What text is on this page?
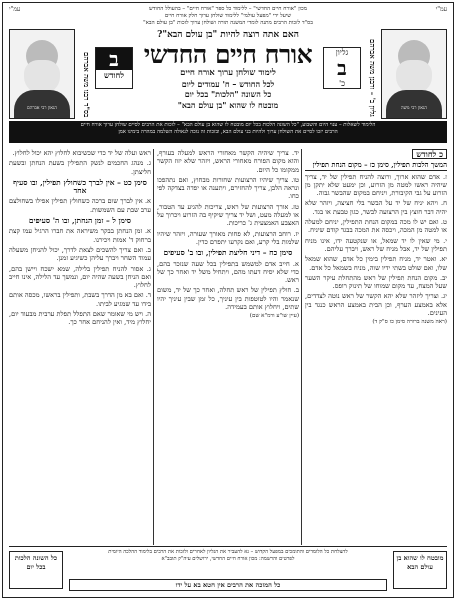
עמ"י
עמ"י	מכון "אורח חיים החדשי" – ללימוד כל ספר "אורח חיים" – בהעולל החודש
שיעל ידי "מפעל עולמי" ללימוד שולחן ערוך חלק אורח חיים
בס"ד לזכות הרבים מתנה לומדי המשנה תורה ושולחן ערוך לזכות "בן עולם הבא"
הגאון רבי משה
הגאון רבי אברהם	גליון ב' – ורבנן משה אברהם
בס"ד רבנו משה אברהם	גליון
ב
כ'
ב
לחודש
האם אתה רוצה להיות "בן עולם הבא"?
אורח חיים החדשי
לימוד שולחן ערוך אורח חיים
לכל החודש – ח' עמודים ליום
כל השונה "הלכות" בכל יום
מובטח לו שהוא "בן עולם הבא"
הלימוד לשאלות – ענוי היום והשבוע, "כל השונה הלכות בכל יום מובטח לו שהוא בן עולם הבא" – לזכות את הרבים לסיים שולחן ערוך אורח חיים
הרבים יזכו לסיים את השולחן ערוך ולהיות בני עולם הבא, ובזכות זה נזכה לגאולה השלמה במהרה בימינו אמן
כ לחודש
המשך הלכות תפילין, סימן כז – מקום הנחת תפילין

ז. אדם שהוא ארוך, ורוצה להניח תפילין של יד, צריך שיהיה ראשו למטה מן הזרוע, וכן ימעט שלא יתקן מן הזרוע על גבי הקיבורת, ויניחם במקום שהבשר גבוה.

ח. ויהא יניח של יד על הבשר בלי חציצה, ויזהר שלא יהיה דבר חוצץ בין הרצועה לבשר, כגון טבעת או בגד.

ט. ואם יש לו מכה במקום הנחת התפילין, יניחם למעלה או למטה מן המכה, ויכסה את המכה בבגד קודם שיניח.

י. מי שאין לו יד שמאל, או שנקטעה ידו, אינו מניח תפילין של יד, אבל מניח של ראש, ויברך עליהם.

יא. ואטר יד, מניח תפילין בימין כל אדם, שהוא שמאל שלו, ואם שולט בשתי ידיו שוה, מניח בשמאל כל אדם.

יב. מקום הנחת תפילין של ראש מהתחלת עיקר השער שעל המצח, עד מקום שמוחו של תינוק רופס.

יג. וצריך ליזהר שלא יהא הקשר של ראש נוטה לצדדים, אלא באמצע הערף, וכן הבית באמצע הראש כנגד בין העינים.

(ראה משנה ברורה סימן כז ס"ק ד)

יד. צריך שיהיה הקשר מאחורי הראש למעלה בעורף, והוא מקום הפורח מאחורי הראש, ויזהר שלא יזוז הקשר ממקומו כל היום.

טו. צריך שיהיו הרצועות שחורות מבחוץ, ואם נתהפכו ונראה הלבן, צריך להחזירם, ויתענה או יפדה בצדקה לפי כחו.

טז. אורך הרצועות של ראש, צריכות להגיע עד הטבור, או למעלה מעט, ושל יד צריך שיקיף בה הזרוע ויכרוך על האצבע האמצעית ג' כריכות.

יז. רוחב הרצועות, לא פחות מאורך שעורה, ויזהר שיהיו שלמות בלי קרע, ואם נקרעו יתפרם כדין.

סימן כח – דיני חליצת תפילין, ובו ב' סעיפים

א. חייב אדם למשמש בתפילין בכל שעה שנזכר בהם, כדי שלא יסיח דעתו מהם, ויתחיל משל יד ואחר כך של ראש.

ב. חולץ תפילין של ראש תחלה, ואחר כך של יד, משום שנאמר והיו לטוטפות בין עיניך, כל זמן שבין עיניך יהיו שתים, ויחלוץ אותם בעמידה.

(עיין שו"ע ורמ"א שם)

ראש ועלה של יד כדי שכשיבוא לחלוץ יהא יכול לחלוץ.

ג. מנהג החכמים לנשק התפילין בשעת הנחתן ובשעת חליצתן.

סימן כט – אין לברך כשחולץ תפילין, ובו סעיף אחד

א. אין לברך שום ברכה כשחולץ תפילין אפילו בשחולצם ערב שבת עם השמשות.

סימן ל – זמן הנחתן, ובו ה' סעיפים

א. זמן הנחתן בבקר משיראה את חברו הרגיל עמו קצת ברחוק ד' אמות ויכירנו.

ב. ואם צריך להשכים לצאת לדרך, יכול להניחן משעלה עמוד השחר ויברך עליהן כשיגיע זמנן.

ג. אסור להניח תפילין בלילה, שמא ישכח ויישן בהם, ואם הניחן בשעה שהיה יום, ונמשך עד הלילה, אינו חייב לחלוץ.

ד. ואם בא מן הדרך בשבת, ותפילין בראשו, מכסה אותם בידו עד שמגיע לביתו.

ה. ויש מי שאומר שאם התפלל תפלת ערבית מבעוד יום, יחלוץ מיד, ואין להניחם אחר כך.

מובטח לו שהוא בן עולם הבא
כל השונה הלכות בכל יום
להצלחת כל הלומדים והתומכים במפעל הקדוש – נא להעביר את הגליון לאחרים ולזכות את הרבים בלימוד ההלכה היומית
לפרטים והרשמה: מכון אורח חיים החדשי, ירושלים עיה"ק תובב"א
כל המזכה את הרבים אין חטא בא על ידו
